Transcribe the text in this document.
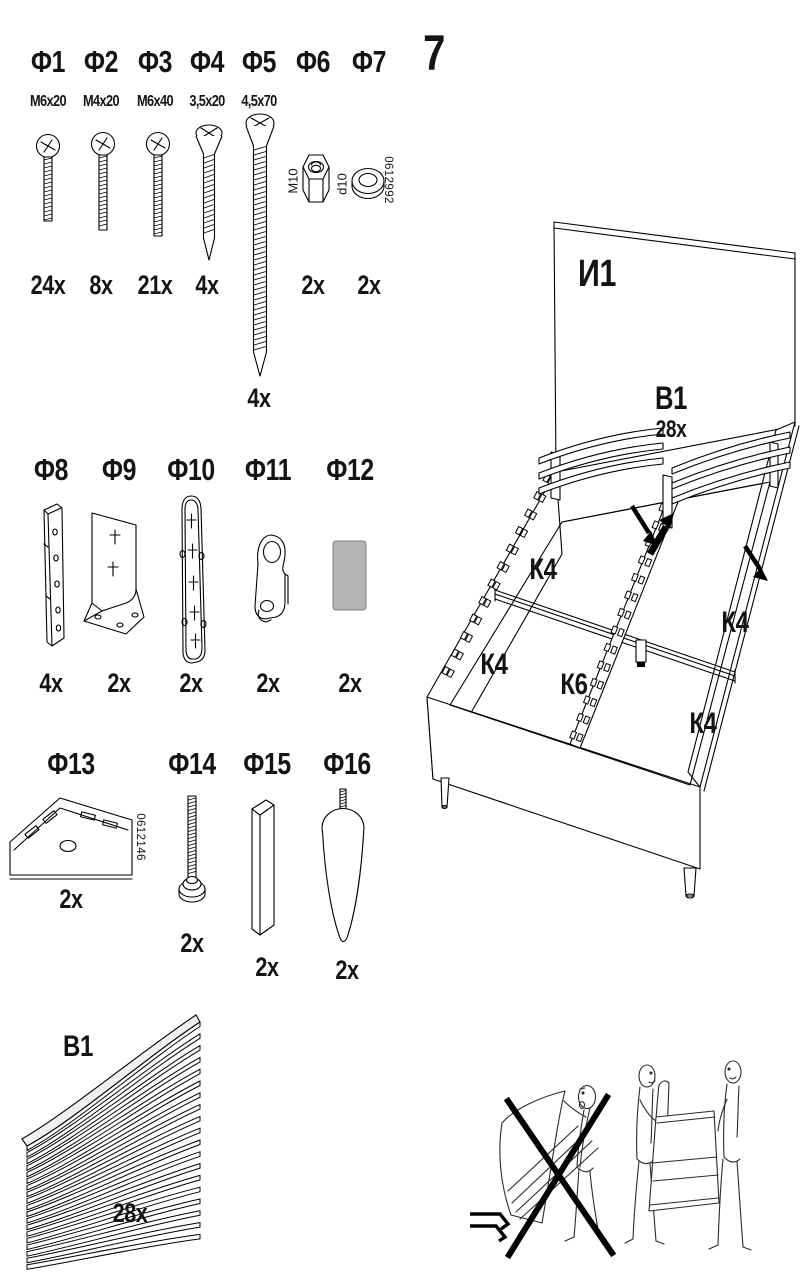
7
Ф1 Ф2 Ф3 Ф4 Ф5 Ф6 Ф7
M6x20 M4x20 M6x40 3,5x20 4,5x70
M10	d10	0612992
24x 8x 21x 4x	2x	2x
4x
Ф8 Ф9 Ф10 Ф11 Ф12
4x	2x	2x	2x	2x
Ф13 Ф14 Ф15 Ф16
0612146
2x
2x
2x	2x
B1
28x
И1
В1
28x
К4
К4
К6
К4
К4
